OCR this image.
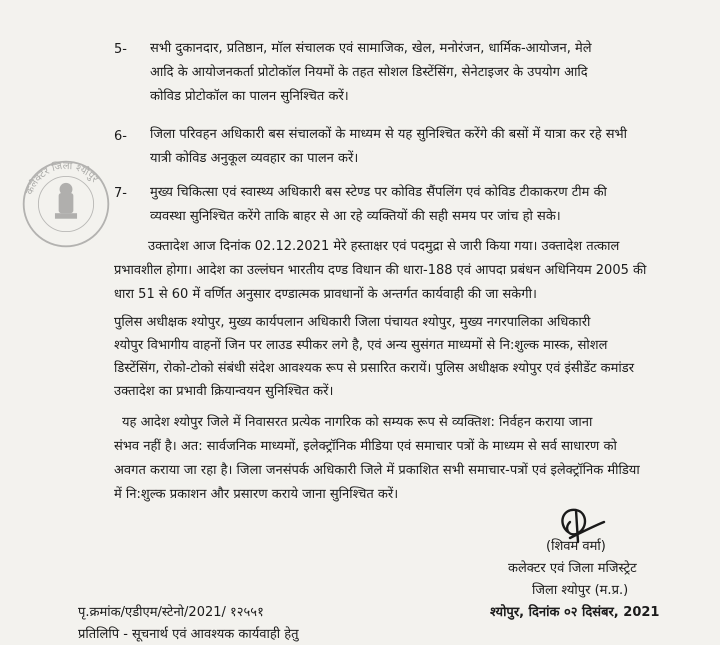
कलेक्टर जिला श्योपुर
5- सभी दुकानदार, प्रतिष्ठान, मॉल संचालक एवं सामाजिक, खेल, मनोरंजन, धार्मिक-आयोजन, मेले
आदि के आयोजनकर्ता प्रोटोकॉल नियमों के तहत सोशल डिस्टेंसिंग, सेनेटाइजर के उपयोग आदि
कोविड प्रोटोकॉल का पालन सुनिश्चित करें।
6- जिला परिवहन अधिकारी बस संचालकों के माध्यम से यह सुनिश्चित करेंगे की बसों में यात्रा कर रहे सभी
यात्री कोविड अनुकूल व्यवहार का पालन करें।
7- मुख्य चिकित्सा एवं स्वास्थ्य अधिकारी बस स्टेण्ड पर कोविड सैंपलिंग एवं कोविड टीकाकरण टीम की
व्यवस्था सुनिश्चित करेंगे ताकि बाहर से आ रहे व्यक्तियों की सही समय पर जांच हो सके।
उक्तादेश आज दिनांक 02.12.2021 मेरे हस्ताक्षर एवं पदमुद्रा से जारी किया गया। उक्तादेश तत्काल
प्रभावशील होगा। आदेश का उल्लंघन भारतीय दण्ड विधान की धारा-188 एवं आपदा प्रबंधन अधिनियम 2005 की
धारा 51 से 60 में वर्णित अनुसार दण्डात्मक प्रावधानों के अन्तर्गत कार्यवाही की जा सकेगी।
पुलिस अधीक्षक श्योपुर, मुख्य कार्यपलान अधिकारी जिला पंचायत श्योपुर, मुख्य नगरपालिका अधिकारी
श्योपुर विभागीय वाहनों जिन पर लाउड स्पीकर लगे है, एवं अन्य सुसंगत माध्यमों से नि:शुल्क मास्क, सोशल
डिस्टेंसिंग, रोको-टोको संबंधी संदेश आवश्यक रूप से प्रसारित करायें। पुलिस अधीक्षक श्योपुर एवं इंसीडेंट कमांडर
उक्तादेश का प्रभावी क्रियान्वयन सुनिश्चित करें।
यह आदेश श्योपुर जिले में निवासरत प्रत्येक नागरिक को सम्यक रूप से व्यक्तिश: निर्वहन कराया जाना
संभव नहीं है। अत: सार्वजनिक माध्यमों, इलेक्ट्रॉनिक मीडिया एवं समाचार पत्रों के माध्यम से सर्व साधारण को
अवगत कराया जा रहा है। जिला जनसंपर्क अधिकारी जिले में प्रकाशित सभी समाचार-पत्रों एवं इलेक्ट्रॉनिक मीडिया
में नि:शुल्क प्रकाशन और प्रसारण कराये जाना सुनिश्चित करें।
(शिवम वर्मा)
कलेक्टर एवं जिला मजिस्ट्रेट
जिला श्योपुर (म.प्र.)
श्योपुर, दिनांक ०२ दिसंबर, 2021
पृ.क्रमांक/एडीएम/स्टेनो/2021/ १२५५१
प्रतिलिपि - सूचनार्थ एवं आवश्यक कार्यवाही हेतु
